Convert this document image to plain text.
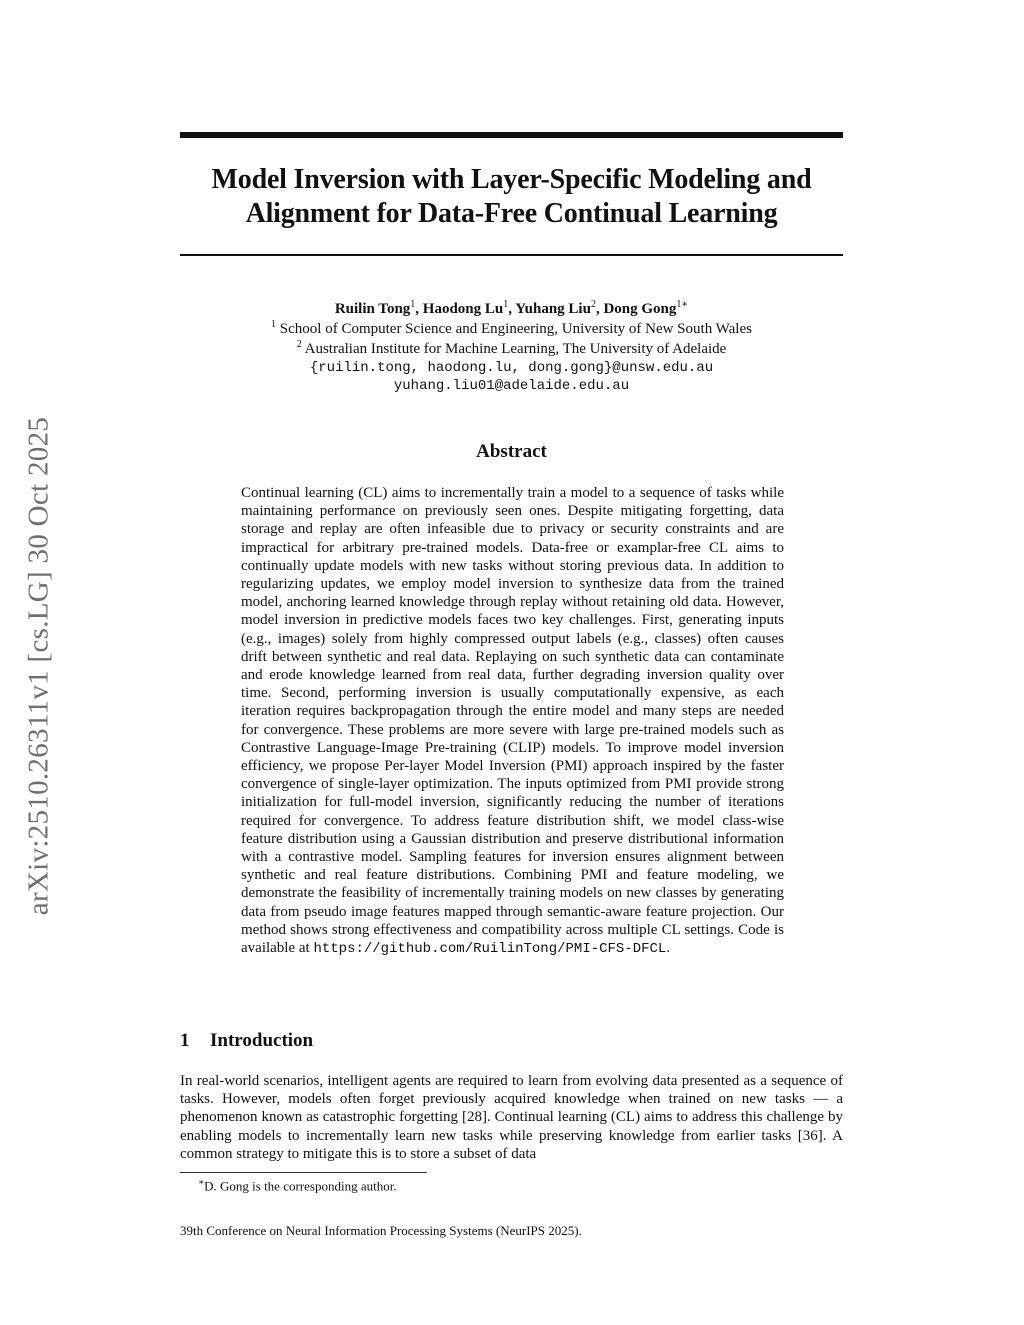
arXiv:2510.26311v1 [cs.LG] 30 Oct 2025
Model Inversion with Layer-Specific Modeling and
Alignment for Data-Free Continual Learning
Ruilin Tong$^1$, Haodong Lu$^1$, Yuhang Liu$^2$, Dong Gong$^{1∗}$
$^1$ School of Computer Science and Engineering, University of New South Wales
$^2$ Australian Institute for Machine Learning, The University of Adelaide
{ruilin.tong, haodong.lu, dong.gong}@unsw.edu.au
yuhang.liu01@adelaide.edu.au
Abstract
Continual learning (CL) aims to incrementally train a model to a sequence of tasks while maintaining performance on previously seen ones. Despite mitigating forgetting, data storage and replay are often infeasible due to privacy or security constraints and are impractical for arbitrary pre-trained models. Data-free or examplar-free CL aims to continually update models with new tasks without storing previous data. In addition to regularizing updates, we employ model inversion to synthesize data from the trained model, anchoring learned knowledge through replay without retaining old data. However, model inversion in predictive models faces two key challenges. First, generating inputs (e.g., images) solely from highly compressed output labels (e.g., classes) often causes drift between synthetic and real data. Replaying on such synthetic data can contaminate and erode knowledge learned from real data, further degrading inversion quality over time. Second, performing inversion is usually computationally expensive, as each iteration requires backpropagation through the entire model and many steps are needed for convergence. These problems are more severe with large pre-trained models such as Contrastive Language-Image Pre-training (CLIP) models. To improve model inversion efficiency, we propose Per-layer Model Inversion (PMI) approach inspired by the faster convergence of single-layer optimization. The inputs optimized from PMI provide strong initialization for full-model inversion, significantly reducing the number of iterations required for convergence. To address feature distribution shift, we model class-wise feature distribution using a Gaussian distribution and preserve distributional information with a contrastive model. Sampling features for inversion ensures alignment between synthetic and real feature distributions. Combining PMI and feature modeling, we demonstrate the feasibility of incrementally training models on new classes by generating data from pseudo image features mapped through semantic-aware feature projection. Our method shows strong effectiveness and compatibility across multiple CL settings. Code is available at https://github.com/RuilinTong/PMI-CFS-DFCL.
1 Introduction
In real-world scenarios, intelligent agents are required to learn from evolving data presented as a sequence of tasks. However, models often forget previously acquired knowledge when trained on new tasks — a phenomenon known as catastrophic forgetting [28]. Continual learning (CL) aims to address this challenge by enabling models to incrementally learn new tasks while preserving knowledge from earlier tasks [36]. A common strategy to mitigate this is to store a subset of data
∗D. Gong is the corresponding author.
39th Conference on Neural Information Processing Systems (NeurIPS 2025).
